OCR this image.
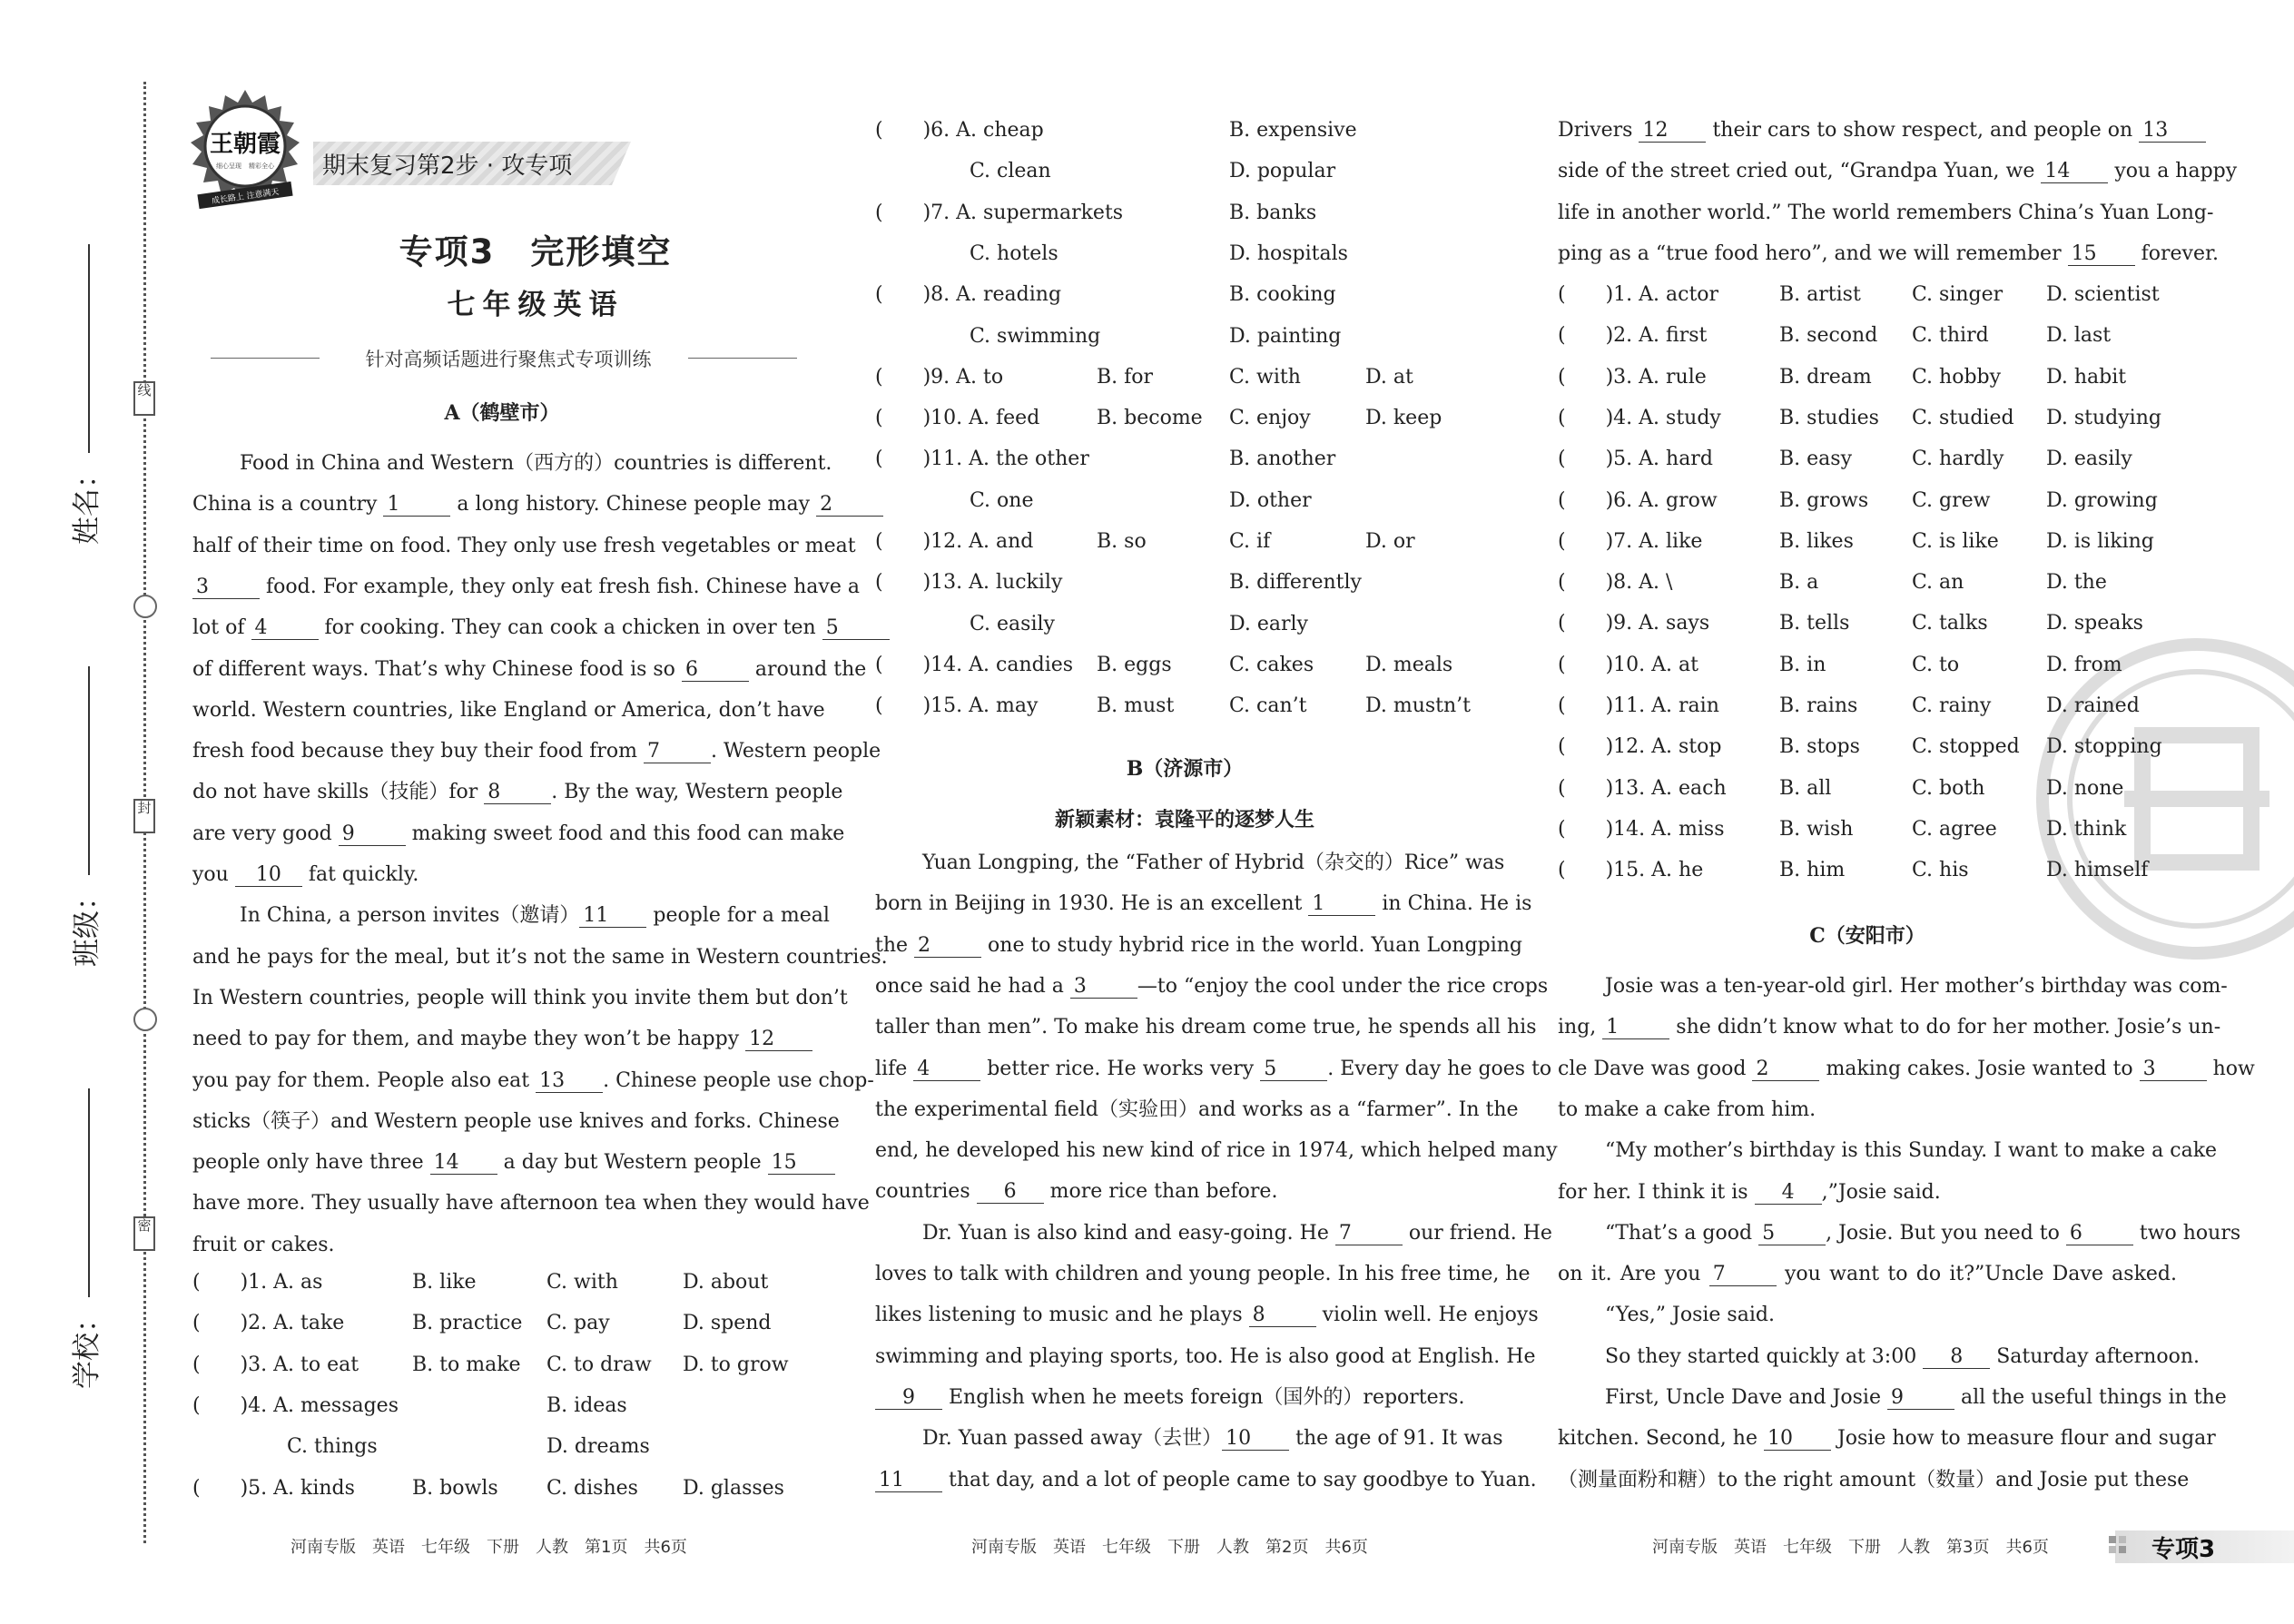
线
封
密
姓名：
班级：
学校：
王朝霞
细心呈现 精彩全心
成长路上 注意满天
期末复习第2步 · 攻专项
专项3　完形填空
七年级英语
针对高频话题进行聚焦式专项训练
A（鹤壁市）
Food in China and Western（西方的）countries is different.
China is a country 1	a long history. Chinese people may 2
half of their time on food. They only use fresh vegetables or meat
3	food. For example, they only eat fresh fish. Chinese have a
lot of 4	for cooking. They can cook a chicken in over ten 5
of different ways. That’s why Chinese food is so 6	around the
world. Western countries, like England or America, don’t have
fresh food because they buy their food from 7	. Western people
do not have skills（技能）for 8	. By the way, Western people
are very good 9	making sweet food and this food can make
you 10 fat quickly.
In China, a person invites（邀请） 11 people for a meal
and he pays for the meal, but it’s not the same in Western countries.
In Western countries, people will think you invite them but don’t
need to pay for them, and maybe they won’t be happy 12
you pay for them. People also eat 13 . Chinese people use chop-
sticks（筷子）and Western people use knives and forks. Chinese
people only have three 14 a day but Western people 15
have more. They usually have afternoon tea when they would have
fruit or cakes.
(　　)1. A. as	B. like	C. with	D. about
(　　)2. A. take	B. practice C. pay	D. spend
(　　)3. A. to eat	B. to make C. to draw D. to grow
(　　)4. A. messages	B. ideas
C. things	D. dreams
(　　)5. A. kinds	B. bowls C. dishes D. glasses
(　　)6. A. cheap	B. expensive
C. clean	D. popular
(　　)7. A. supermarkets	B. banks
C. hotels	D. hospitals
(　　)8. A. reading	B. cooking
C. swimming	D. painting
(　　)9. A. to	B. for	C. with	D. at
(　　)10. A. feed	B. become C. enjoy	D. keep
(　　)11. A. the other	B. another
C. one	D. other
(　　)12. A. and	B. so	C. if	D. or
(　　)13. A. luckily	B. differently
C. easily	D. early
(　　)14. A. candies B. eggs	C. cakes	D. meals
(　　)15. A. may	B. must	C. can’t	D. mustn’t
B（济源市）
新颖素材：袁隆平的逐梦人生
Yuan Longping, the “Father of Hybrid（杂交的）Rice” was
born in Beijing in 1930. He is an excellent 1	in China. He is
the 2	one to study hybrid rice in the world. Yuan Longping
once said he had a 3	—to “enjoy the cool under the rice crops
taller than men”. To make his dream come true, he spends all his
life 4	better rice. He works very 5	. Every day he goes to
the experimental field（实验田）and works as a “farmer”. In the
end, he developed his new kind of rice in 1974, which helped many
countries 6 more rice than before.
Dr. Yuan is also kind and easy-going. He 7	our friend. He
loves to talk with children and young people. In his free time, he
likes listening to music and he plays 8	violin well. He enjoys
swimming and playing sports, too. He is also good at English. He
9 English when he meets foreign（国外的）reporters.
Dr. Yuan passed away（去世） 10 the age of 91. It was
11 that day, and a lot of people came to say goodbye to Yuan.
Drivers 12 their cars to show respect, and people on 13
side of the street cried out, “Grandpa Yuan, we 14 you a happy
life in another world.” The world remembers China’s Yuan Long-
ping as a “true food hero”, and we will remember 15 forever.
(　　)1. A. actor	B. artist	C. singer D. scientist
(　　)2. A. first	B. second C. third	D. last
(　　)3. A. rule	B. dream C. hobby D. habit
(　　)4. A. study	B. studies C. studied D. studying
(　　)5. A. hard	B. easy	C. hardly D. easily
(　　)6. A. grow	B. grows C. grew	D. growing
(　　)7. A. like	B. likes	C. is like D. is liking
(　　)8. A. \	B. a	C. an	D. the
(　　)9. A. says	B. tells	C. talks	D. speaks
(　　)10. A. at	B. in	C. to	D. from
(　　)11. A. rain	B. rains	C. rainy	D. rained
(　　)12. A. stop	B. stops	C. stopped D. stopping
(　　)13. A. each	B. all	C. both	D. none
(　　)14. A. miss	B. wish	C. agree D. think
(　　)15. A. he	B. him	C. his	D. himself
C（安阳市）
Josie was a ten-year-old girl. Her mother’s birthday was com-
ing, 1	she didn’t know what to do for her mother. Josie’s un-
cle Dave was good 2	making cakes. Josie wanted to 3	how
to make a cake from him.
“My mother’s birthday is this Sunday. I want to make a cake
for her. I think it is 4 ,”Josie said.
“That’s a good 5	, Josie. But you need to 6	two hours
on it. Are you 7	you want to do it?”Uncle Dave asked.
“Yes,” Josie said.
So they started quickly at 3:00 8 Saturday afternoon.
First, Uncle Dave and Josie 9	all the useful things in the
kitchen. Second, he 10 Josie how to measure flour and sugar
（测量面粉和糖）to the right amount（数量）and Josie put these
河南专版　英语　七年级　下册　人教　第1页　共6页	河南专版　英语　七年级　下册　人教　第2页　共6页	河南专版　英语　七年级　下册　人教　第3页　共6页	专项3
